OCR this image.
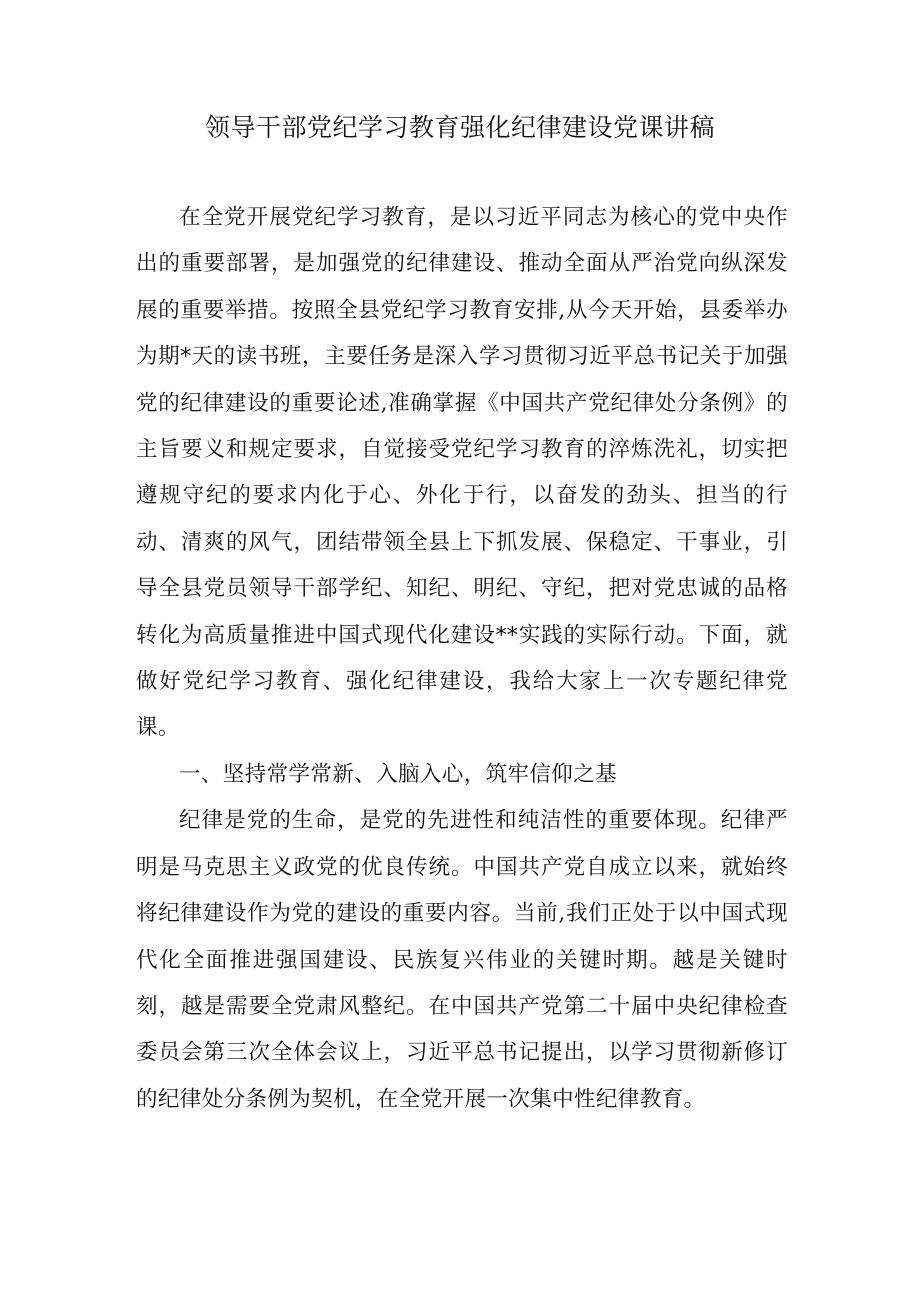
领导干部党纪学习教育强化纪律建设党课讲稿

在全党开展党纪学习教育，是以习近平同志为核心的党中央作出的重要部署，是加强党的纪律建设、推动全面从严治党向纵深发展的重要举措。按照全县党纪学习教育安排,从今天开始，县委举办为期*天的读书班，主要任务是深入学习贯彻习近平总书记关于加强党的纪律建设的重要论述,准确掌握《中国共产党纪律处分条例》的主旨要义和规定要求，自觉接受党纪学习教育的淬炼洗礼，切实把遵规守纪的要求内化于心、外化于行，以奋发的劲头、担当的行动、清爽的风气，团结带领全县上下抓发展、保稳定、干事业，引导全县党员领导干部学纪、知纪、明纪、守纪，把对党忠诚的品格转化为高质量推进中国式现代化建设**实践的实际行动。下面，就做好党纪学习教育、强化纪律建设，我给大家上一次专题纪律党课。

一、坚持常学常新、入脑入心，筑牢信仰之基

纪律是党的生命，是党的先进性和纯洁性的重要体现。纪律严明是马克思主义政党的优良传统。中国共产党自成立以来，就始终将纪律建设作为党的建设的重要内容。当前,我们正处于以中国式现代化全面推进强国建设、民族复兴伟业的关键时期。越是关键时刻，越是需要全党肃风整纪。在中国共产党第二十届中央纪律检查委员会第三次全体会议上，习近平总书记提出，以学习贯彻新修订的纪律处分条例为契机，在全党开展一次集中性纪律教育。
